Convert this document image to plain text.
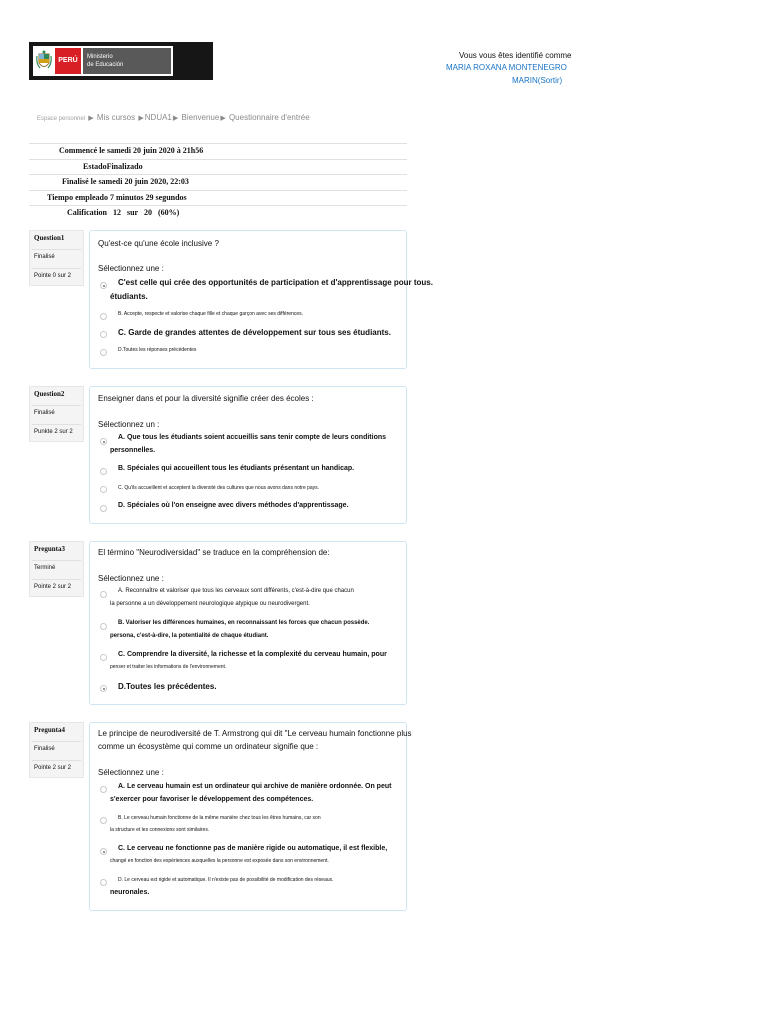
PERÚ	Ministerio
de Educación
Vous vous êtes identifié comme
MARIA ROXANA MONTENEGRO
MARIN(Sortir)
Espace personnel ▶ Mis cursos ▶NDUA1▶ Bienvenue▶ Questionnaire d'entrée
Commencé le samedi 20 juin 2020 à 21h56
EstadoFinalizado
Finalisé le samedi 20 juin 2020, 22:03
Tiempo empleado 7 minutos 29 segundos
Calification   12   sur   20   (60%)
Question1
Finalisé
Pointe 0 sur 2
Qu'est-ce qu'une école inclusive ?
Sélectionnez une :
C'est celle qui crée des opportunités de participation et d'apprentissage pour tous.
étudiants.
B. Accepte, respecte et valorise chaque fille et chaque garçon avec ses différences.
C. Garde de grandes attentes de développement sur tous ses étudiants.
D.Toutes les réponses précédentes
Question2
Finalisé
Punkte 2 sur 2
Enseigner dans et pour la diversité signifie créer des écoles :
Sélectionnez un :
A. Que tous les étudiants soient accueillis sans tenir compte de leurs conditions
personnelles.
B. Spéciales qui accueillent tous les étudiants présentant un handicap.
C. Qu'ils accueillent et acceptent la diversité des cultures que nous avons dans notre pays.
D. Spéciales où l'on enseigne avec divers méthodes d'apprentissage.
Pregunta3
Terminé
Pointe 2 sur 2
El término "Neurodiversidad" se traduce en la compréhension de:
Sélectionnez une :
A. Reconnaître et valoriser que tous les cerveaux sont différents, c'est-à-dire que chacun
la personne a un développement neurologique atypique ou neurodivergent.
B. Valoriser les différences humaines, en reconnaissant les forces que chacun possède.
persona, c'est-à-dire, la potentialité de chaque étudiant.
C. Comprendre la diversité, la richesse et la complexité du cerveau humain, pour
penser et traiter les informations de l'environnement.
D.Toutes les précédentes.
Pregunta4
Finalisé
Pointe 2 sur 2
Le principe de neurodiversité de T. Armstrong qui dit "Le cerveau humain fonctionne plus
comme un écosystème qui comme un ordinateur signifie que :
Sélectionnez une :
A. Le cerveau humain est un ordinateur qui archive de manière ordonnée. On peut
s'exercer pour favoriser le développement des compétences.
B. Le cerveau humain fonctionne de la même manière chez tous les êtres humains, car son
la structure et les connexions sont similaires.
C. Le cerveau ne fonctionne pas de manière rigide ou automatique, il est flexible,
changé en fonction des expériences auxquelles la personne est exposée dans son environnement.
D. Le cerveau est rigide et automatique. Il n'existe pas de possibilité de modification des réseaux.
neuronales.
